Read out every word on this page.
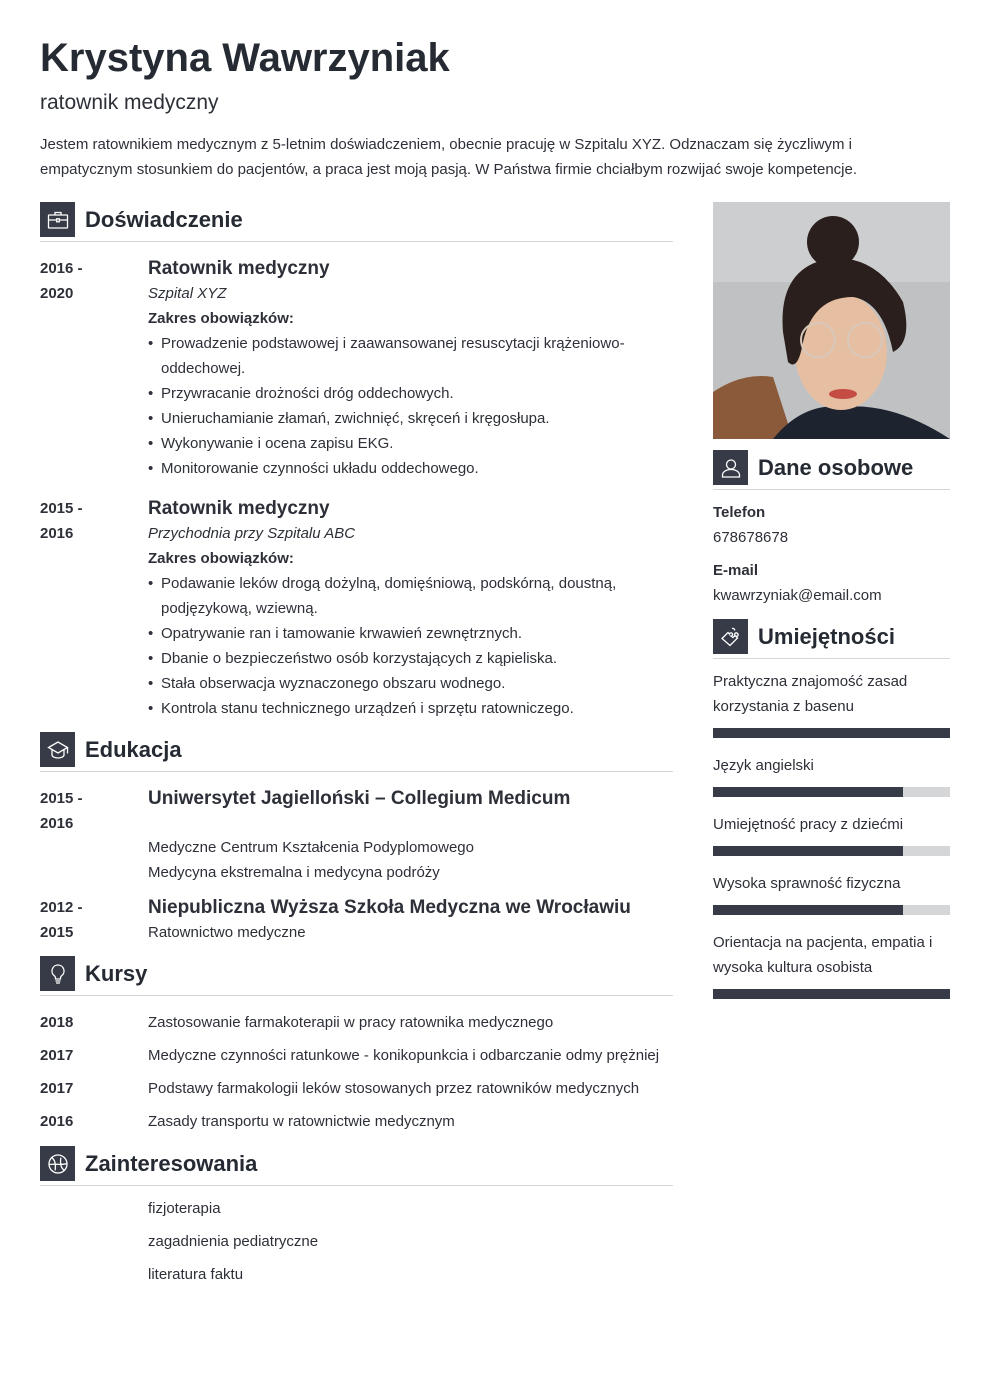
Krystyna Wawrzyniak
ratownik medyczny
Jestem ratownikiem medycznym z 5-letnim doświadczeniem, obecnie pracuję w Szpitalu XYZ. Odznaczam się życzliwym i empatycznym stosunkiem do pacjentów, a praca jest moją pasją. W Państwa firmie chciałbym rozwijać swoje kompetencje.
Doświadczenie
2016 -
2020
Ratownik medyczny
Szpital XYZ
Zakres obowiązków:
• Prowadzenie podstawowej i zaawansowanej resuscytacji krążeniowo-oddechowej.
• Przywracanie drożności dróg oddechowych.
• Unieruchamianie złamań, zwichnięć, skręceń i kręgosłupa.
• Wykonywanie i ocena zapisu EKG.
• Monitorowanie czynności układu oddechowego.
2015 -
2016
Ratownik medyczny
Przychodnia przy Szpitalu ABC
Zakres obowiązków:
• Podawanie leków drogą dożylną, domięśniową, podskórną, doustną, podjęzykową, wziewną.
• Opatrywanie ran i tamowanie krwawień zewnętrznych.
• Dbanie o bezpieczeństwo osób korzystających z kąpieliska.
• Stała obserwacja wyznaczonego obszaru wodnego.
• Kontrola stanu technicznego urządzeń i sprzętu ratowniczego.
Edukacja
2015 -
2016
Uniwersytet Jagielloński – Collegium Medicum
Medyczne Centrum Kształcenia Podyplomowego
Medycyna ekstremalna i medycyna podróży
2012 -
2015
Niepubliczna Wyższa Szkoła Medyczna we Wrocławiu
Ratownictwo medyczne
Kursy
2018	Zastosowanie farmakoterapii w pracy ratownika medycznego
2017	Medyczne czynności ratunkowe - konikopunkcia i odbarczanie odmy prężniej
2017	Podstawy farmakologii leków stosowanych przez ratowników medycznych
2016	Zasady transportu w ratownictwie medycznym
Zainteresowania
fizjoterapia
zagadnienia pediatryczne
literatura faktu
Dane osobowe
Telefon
678678678
E-mail
kwawrzyniak@email.com
Umiejętności
Praktyczna znajomość zasad korzystania z basenu
Język angielski
Umiejętność pracy z dziećmi
Wysoka sprawność fizyczna
Orientacja na pacjenta, empatia i wysoka kultura osobista
